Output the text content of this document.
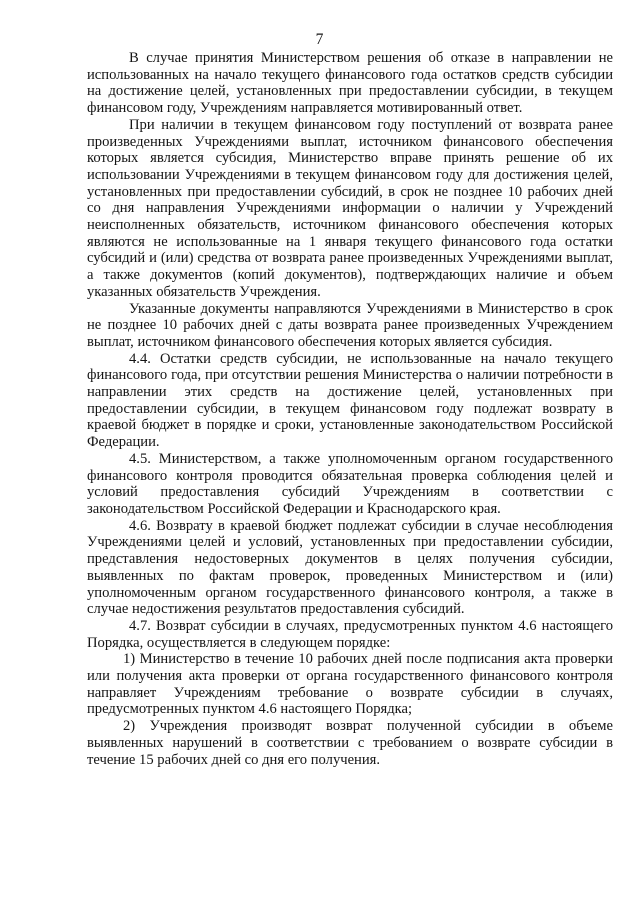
7

В случае принятия Министерством решения об отказе в направлении не использованных на начало текущего финансового года остатков средств субсидии на достижение целей, установленных при предоставлении субсидии, в текущем финансовом году, Учреждениям направляется мотивированный ответ.

При наличии в текущем финансовом году поступлений от возврата ранее произведенных Учреждениями выплат, источником финансового обеспечения которых является субсидия, Министерство вправе принять решение об их использовании Учреждениями в текущем финансовом году для достижения целей, установленных при предоставлении субсидий, в срок не позднее 10 рабочих дней со дня направления Учреждениями информации о наличии у Учреждений неисполненных обязательств, источником финансового обеспечения которых являются не использованные на 1 января текущего финансового года остатки субсидий и (или) средства от возврата ранее произведенных Учреждениями выплат, а также документов (копий документов), подтверждающих наличие и объем указанных обязательств Учреждения.

Указанные документы направляются Учреждениями в Министерство в срок не позднее 10 рабочих дней с даты возврата ранее произведенных Учреждением выплат, источником финансового обеспечения которых является субсидия.

4.4. Остатки средств субсидии, не использованные на начало текущего финансового года, при отсутствии решения Министерства о наличии потребности в направлении этих средств на достижение целей, установленных при предоставлении субсидии, в текущем финансовом году подлежат возврату в краевой бюджет в порядке и сроки, установленные законодательством Российской Федерации.

4.5. Министерством, а также уполномоченным органом государственного финансового контроля проводится обязательная проверка соблюдения целей и условий предоставления субсидий Учреждениям в соответствии с законодательством Российской Федерации и Краснодарского края.

4.6. Возврату в краевой бюджет подлежат субсидии в случае несоблюдения Учреждениями целей и условий, установленных при предоставлении субсидии, представления недостоверных документов в целях получения субсидии, выявленных по фактам проверок, проведенных Министерством и (или) уполномоченным органом государственного финансового контроля, а также в случае недостижения результатов предоставления субсидий.

4.7. Возврат субсидии в случаях, предусмотренных пунктом 4.6 настоящего Порядка, осуществляется в следующем порядке:

1) Министерство в течение 10 рабочих дней после подписания акта проверки или получения акта проверки от органа государственного финансового контроля направляет Учреждениям требование о возврате субсидии в случаях, предусмотренных пунктом 4.6 настоящего Порядка;

2) Учреждения производят возврат полученной субсидии в объеме выявленных нарушений в соответствии с требованием о возврате субсидии в течение 15 рабочих дней со дня его получения.
